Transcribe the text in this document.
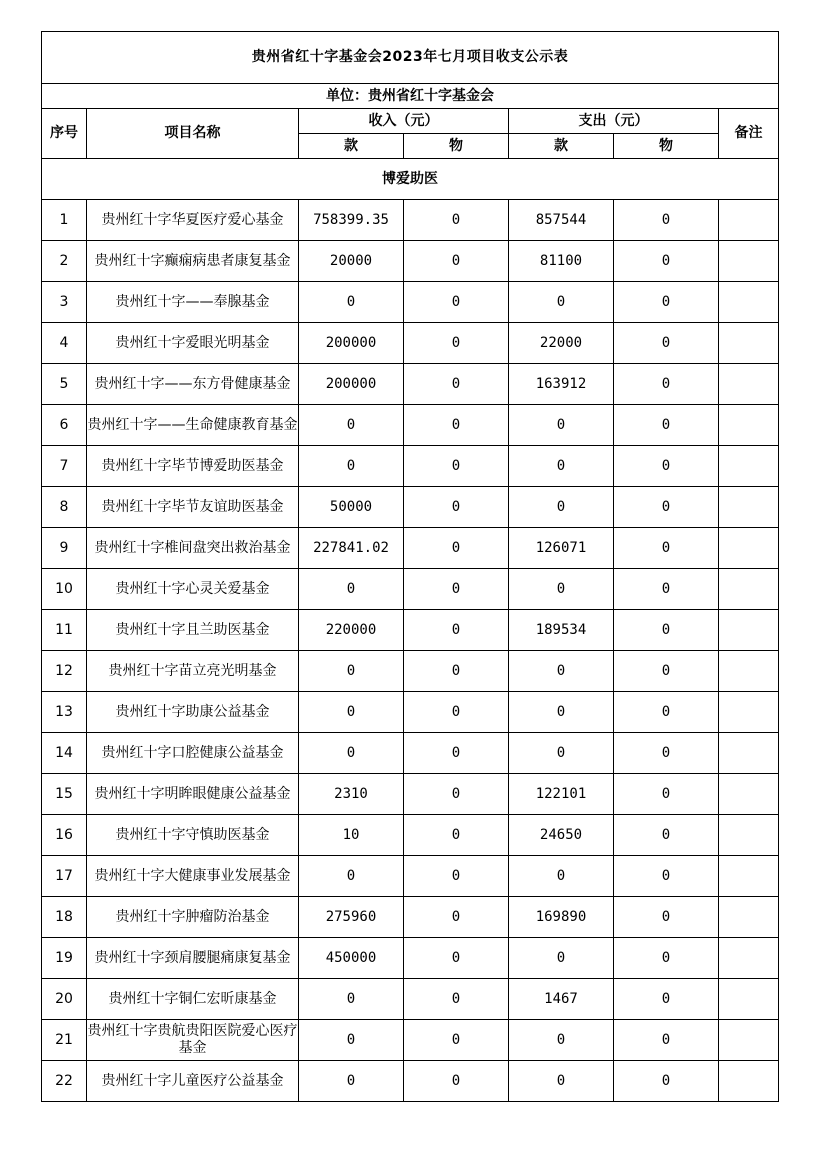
贵州省红十字基金会2023年七月项目收支公示表						
单位：贵州省红十字基金会						
序号	项目名称	收入（元）		支出（元）		备注
		款	物	款	物	
博爱助医						
1	贵州红十字华夏医疗爱心基金	758399.35	0	857544	0	
2	贵州红十字癫痫病患者康复基金	20000	0	81100	0	
3	贵州红十字——奉腺基金	0	0	0	0	
4	贵州红十字爱眼光明基金	200000	0	22000	0	
5	贵州红十字——东方骨健康基金	200000	0	163912	0	
6	贵州红十字——生命健康教育基金	0	0	0	0	
7	贵州红十字毕节博爱助医基金	0	0	0	0	
8	贵州红十字毕节友谊助医基金	50000	0	0	0	
9	贵州红十字椎间盘突出救治基金	227841.02	0	126071	0	
10	贵州红十字心灵关爱基金	0	0	0	0	
11	贵州红十字且兰助医基金	220000	0	189534	0	
12	贵州红十字苗立亮光明基金	0	0	0	0	
13	贵州红十字助康公益基金	0	0	0	0	
14	贵州红十字口腔健康公益基金	0	0	0	0	
15	贵州红十字明眸眼健康公益基金	2310	0	122101	0	
16	贵州红十字守慎助医基金	10	0	24650	0	
17	贵州红十字大健康事业发展基金	0	0	0	0	
18	贵州红十字肿瘤防治基金	275960	0	169890	0	
19	贵州红十字颈肩腰腿痛康复基金	450000	0	0	0	
20	贵州红十字铜仁宏昕康基金	0	0	1467	0	
21	贵州红十字贵航贵阳医院爱心医疗基金	0	0	0	0	
22	贵州红十字儿童医疗公益基金	0	0	0	0	
